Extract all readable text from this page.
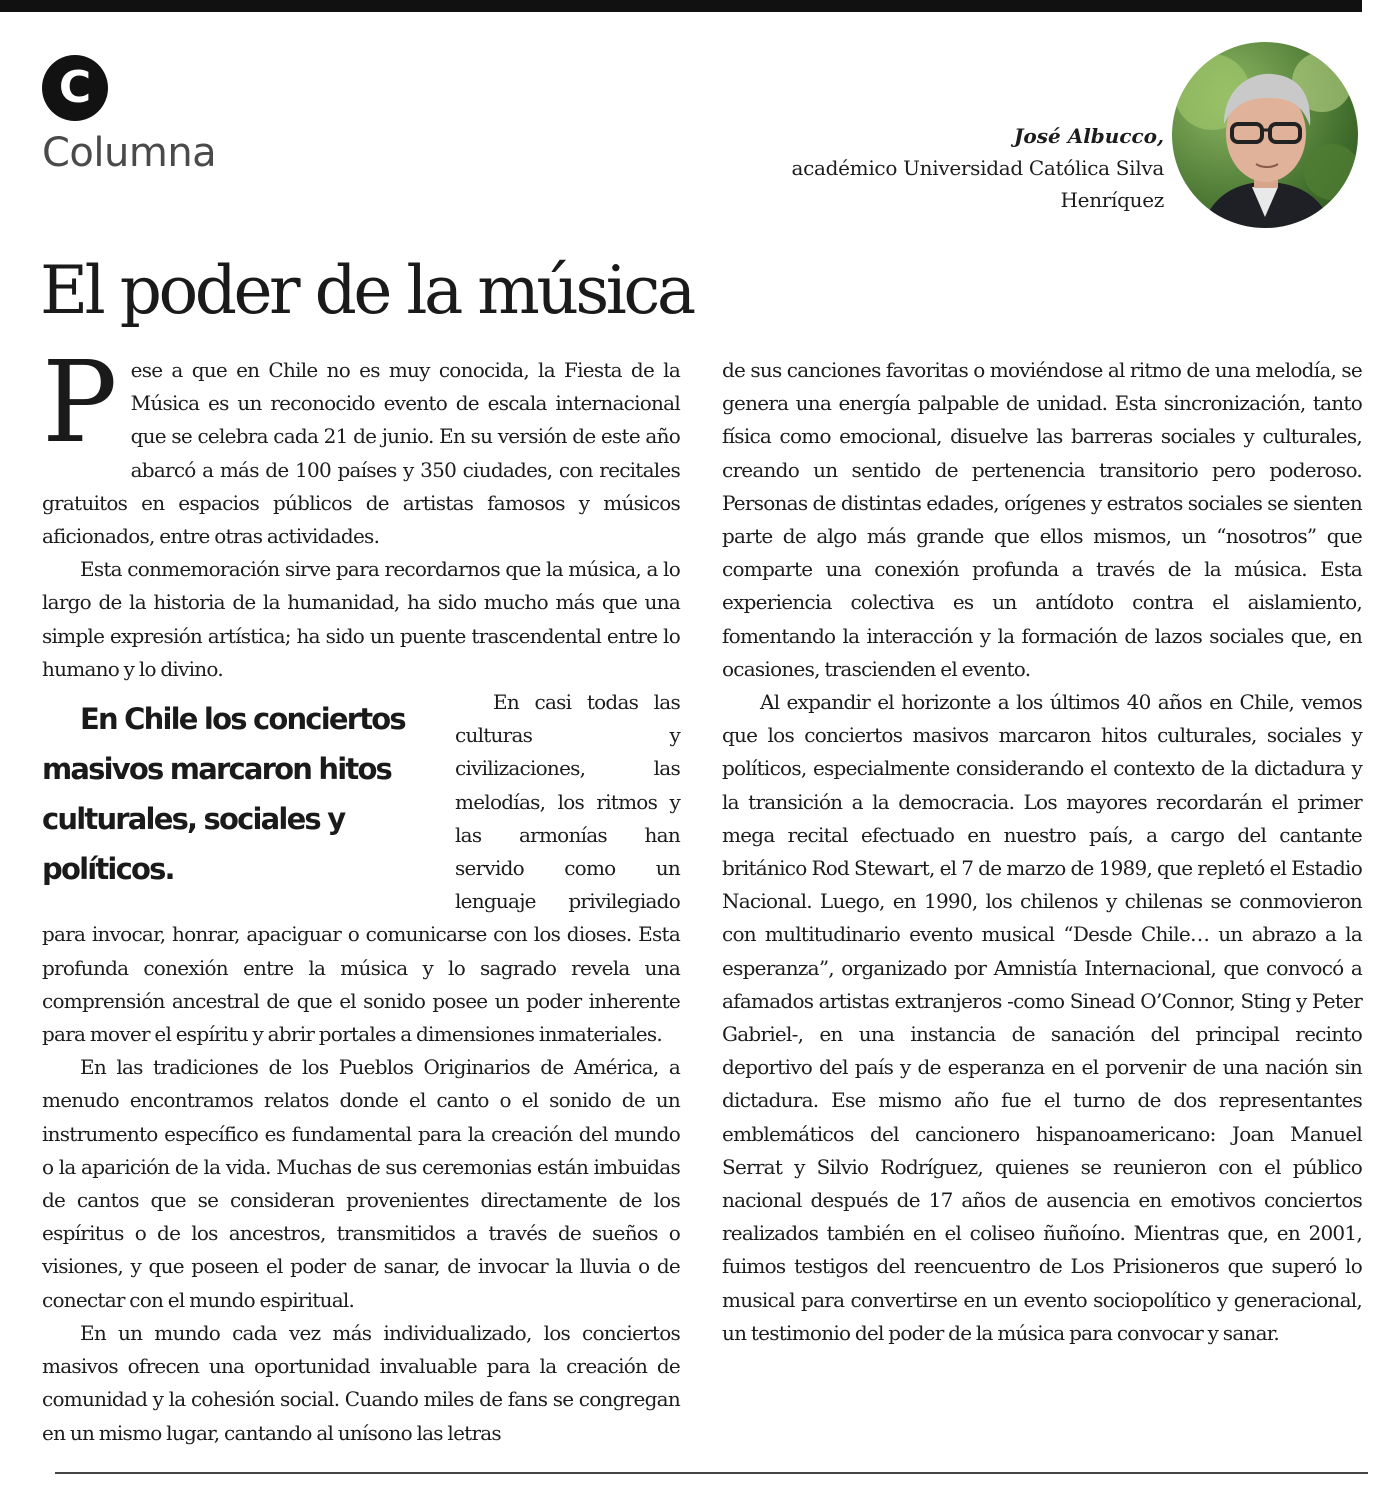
C
Columna	José Albucco,
académico Universidad Católica Silva
Henríquez
El poder de la música

Pese a que en Chile no es muy conocida, la Fiesta de la Música es un reconocido evento de escala internacional que se celebra cada 21 de junio. En su versión de este año abarcó a más de 100 países y 350 ciudades, con recitales gratuitos en espacios públicos de artistas famosos y músicos aficionados, entre otras actividades.

Esta conmemoración sirve para recordarnos que la música, a lo largo de la historia de la humanidad, ha sido mucho más que una simple expresión artística; ha sido un puente trascendental entre lo humano y lo divino.

En Chile los conciertos masivos marcaron hitos culturales, sociales y políticos.
En casi todas las culturas y civilizaciones, las melodías, los ritmos y las armonías han servido como un lenguaje privilegiado para invocar, honrar, apaciguar o comunicarse con los dioses. Esta profunda conexión entre la música y lo sagrado revela una comprensión ancestral de que el sonido posee un poder inherente para mover el espíritu y abrir portales a dimensiones inmateriales.

En las tradiciones de los Pueblos Originarios de América, a menudo encontramos relatos donde el canto o el sonido de un instrumento específico es fundamental para la creación del mundo o la aparición de la vida. Muchas de sus ceremonias están imbuidas de cantos que se consideran provenientes directamente de los espíritus o de los ancestros, transmitidos a través de sueños o visiones, y que poseen el poder de sanar, de invocar la lluvia o de conectar con el mundo espiritual.

En un mundo cada vez más individualizado, los conciertos masivos ofrecen una oportunidad invaluable para la creación de comunidad y la cohesión social. Cuando miles de fans se congregan en un mismo lugar, cantando al unísono las letras

de sus canciones favoritas o moviéndose al ritmo de una melodía, se genera una energía palpable de unidad. Esta sincronización, tanto física como emocional, disuelve las barreras sociales y culturales, creando un sentido de pertenencia transitorio pero poderoso. Personas de distintas edades, orígenes y estratos sociales se sienten parte de algo más grande que ellos mismos, un “nosotros” que comparte una conexión profunda a través de la música. Esta experiencia colectiva es un antídoto contra el aislamiento, fomentando la interacción y la formación de lazos sociales que, en ocasiones, trascienden el evento.

Al expandir el horizonte a los últimos 40 años en Chile, vemos que los conciertos masivos marcaron hitos culturales, sociales y políticos, especialmente considerando el contexto de la dictadura y la transición a la democracia. Los mayores recordarán el primer mega recital efectuado en nuestro país, a cargo del cantante británico Rod Stewart, el 7 de marzo de 1989, que repletó el Estadio Nacional. Luego, en 1990, los chilenos y chilenas se conmovieron con multitudinario evento musical “Desde Chile… un abrazo a la esperanza”, organizado por Amnistía Internacional, que convocó a afamados artistas extranjeros -como Sinead O’Connor, Sting y Peter Gabriel-, en una instancia de sanación del principal recinto deportivo del país y de esperanza en el porvenir de una nación sin dictadura. Ese mismo año fue el turno de dos representantes emblemáticos del cancionero hispanoamericano: Joan Manuel Serrat y Silvio Rodríguez, quienes se reunieron con el público nacional después de 17 años de ausencia en emotivos conciertos realizados también en el coliseo ñuñoíno. Mientras que, en 2001, fuimos testigos del reencuentro de Los Prisioneros que superó lo musical para convertirse en un evento sociopolítico y generacional, un testimonio del poder de la música para convocar y sanar.
